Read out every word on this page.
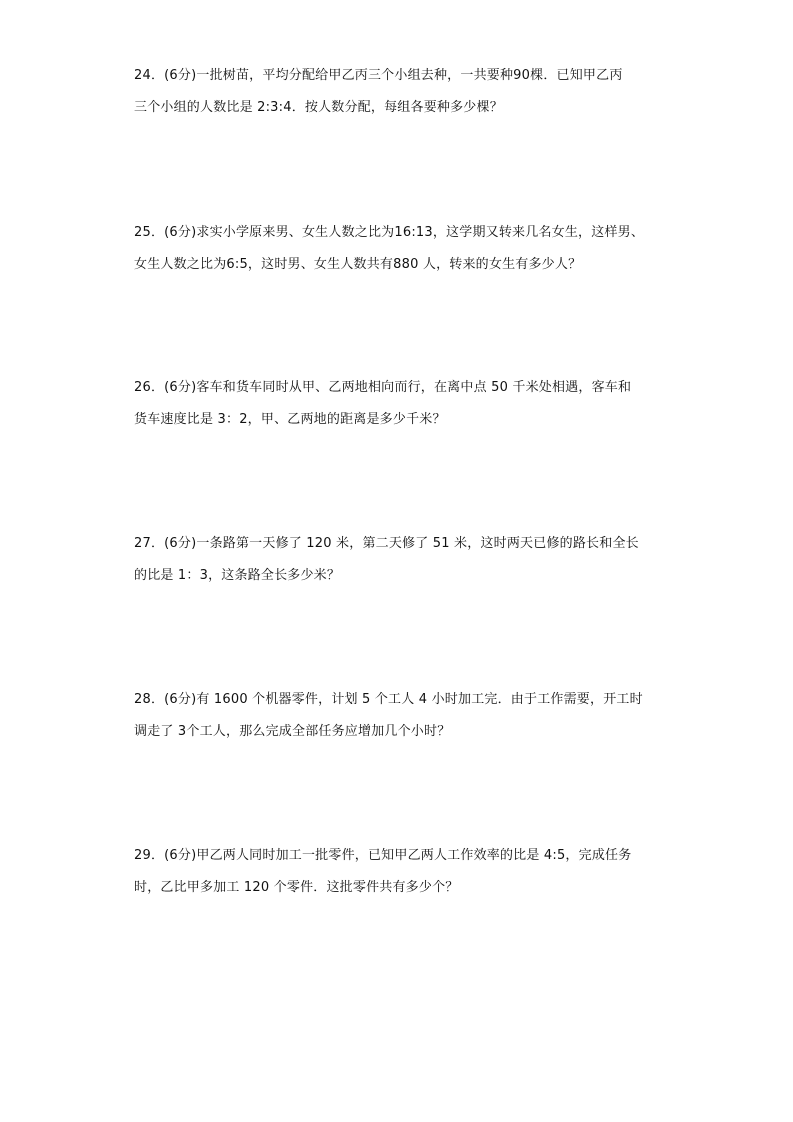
24．(6分)一批树苗，平均分配给甲乙丙三个小组去种，一共要种90棵．已知甲乙丙
三个小组的人数比是 2:3:4．按人数分配，每组各要种多少棵？
25．(6分)求实小学原来男、女生人数之比为16:13，这学期又转来几名女生，这样男、
女生人数之比为6:5，这时男、女生人数共有880 人，转来的女生有多少人？
26．(6分)客车和货车同时从甲、乙两地相向而行，在离中点 50 千米处相遇，客车和
货车速度比是 3：2，甲、乙两地的距离是多少千米？
27．(6分)一条路第一天修了 120 米，第二天修了 51 米，这时两天已修的路长和全长
的比是 1：3，这条路全长多少米？
28．(6分)有 1600 个机器零件，计划 5 个工人 4 小时加工完．由于工作需要，开工时
调走了 3个工人，那么完成全部任务应增加几个小时？
29．(6分)甲乙两人同时加工一批零件，已知甲乙两人工作效率的比是 4:5，完成任务
时，乙比甲多加工 120 个零件．这批零件共有多少个？
